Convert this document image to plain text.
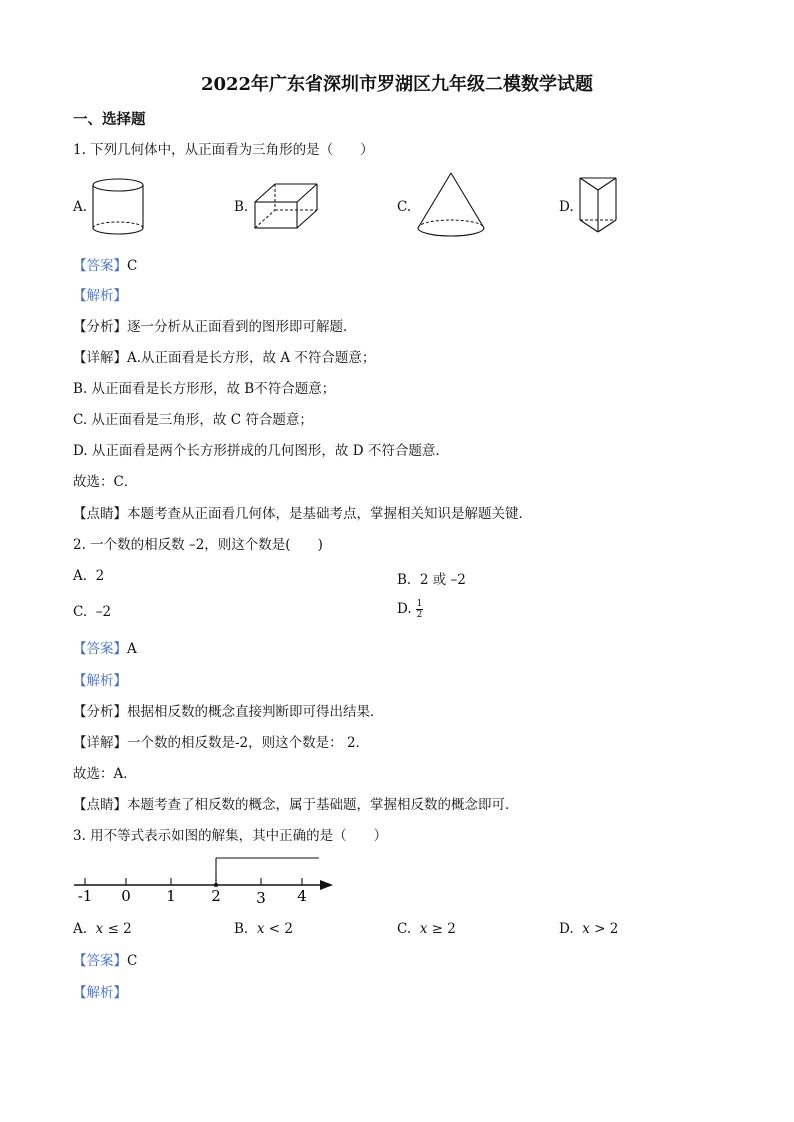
2022年广东省深圳市罗湖区九年级二模数学试题
一、选择题
1. 下列几何体中，从正面看为三角形的是（　　）
A.	B.	C.	D.
【答案】C
【解析】
【分析】逐一分析从正面看到的图形即可解题．
【详解】A.从正面看是长方形，故 A 不符合题意；
B. 从正面看是长方形形，故 B不符合题意；
C. 从正面看是三角形，故 C 符合题意；
D. 从正面看是两个长方形拼成的几何图形，故 D 不符合题意．
故选：C．
【点睛】本题考查从正面看几何体，是基础考点，掌握相关知识是解题关键．
2. 一个数的相反数 –2，则这个数是(　　)
A. 2	B. 2 或 –2
C. –2	D. $\frac{1}{2}$
【答案】A
【解析】
【分析】根据相反数的概念直接判断即可得出结果．
【详解】一个数的相反数是-2，则这个数是： 2．
故选：A．
【点睛】本题考查了相反数的概念，属于基础题，掌握相反数的概念即可．
3. 用不等式表示如图的解集，其中正确的是（　　）
-1 0 1 2 3 4
A. x ≤ 2	B. x < 2	C. x ≥ 2	D. x > 2
【答案】C
【解析】
